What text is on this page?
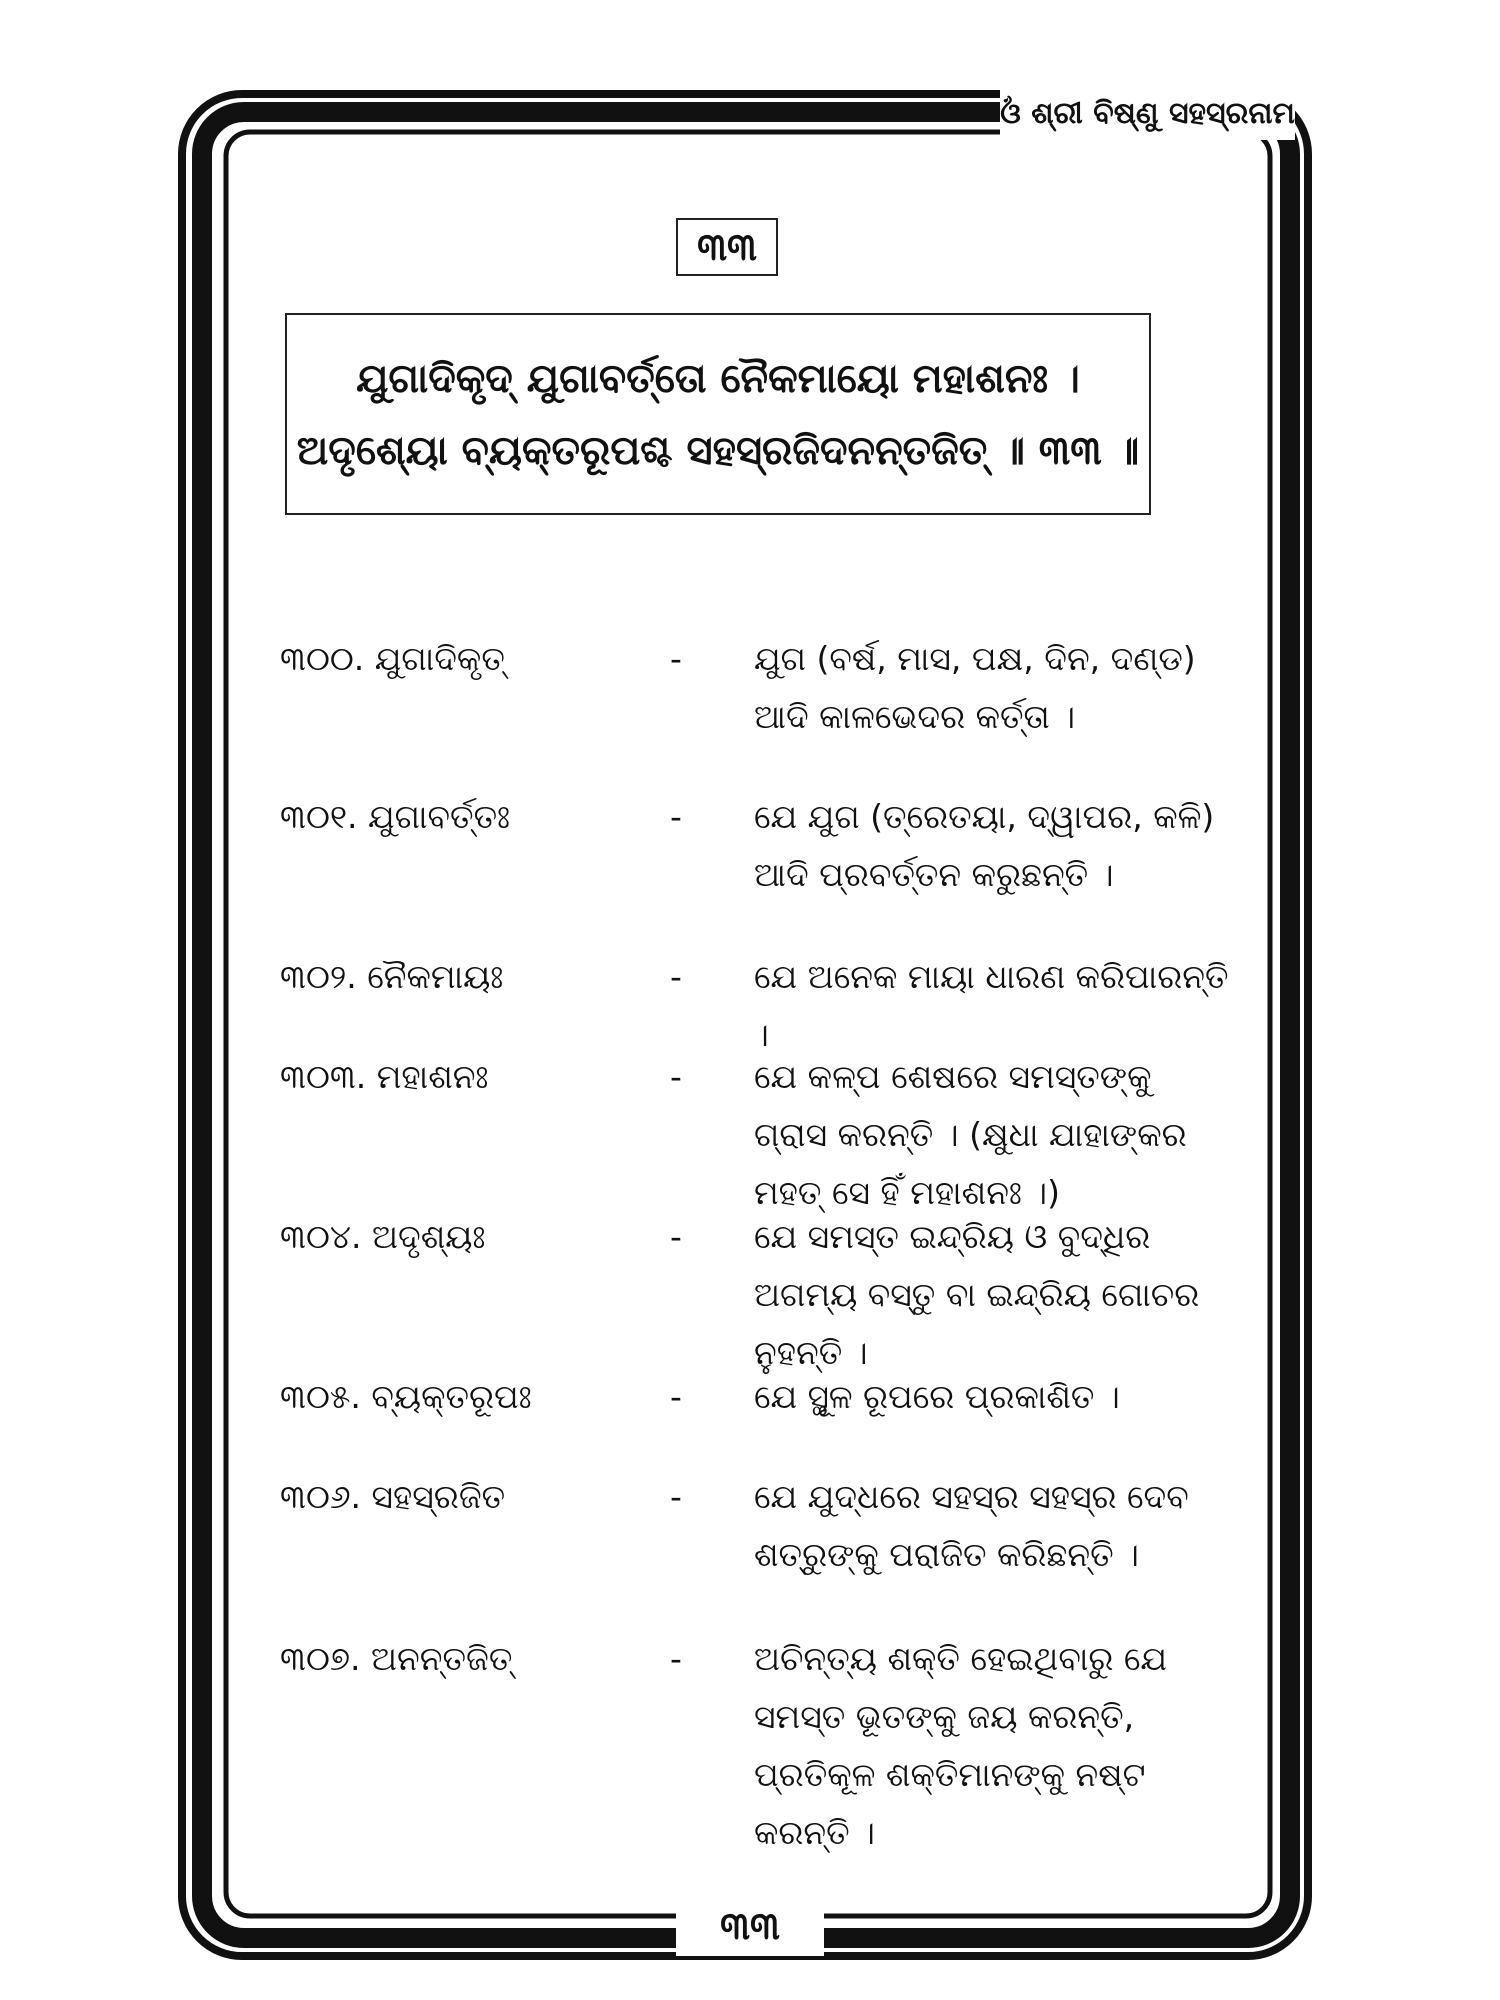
ଓଁ ଶ୍ରୀ ବିଷ୍ଣୁ ସହସ୍ରନାମ
୩୩
ଯୁଗାଦିକୃଦ୍ ଯୁଗାବର୍ତ୍ତୋ ନୈକମାୟୋ ମହାଶନଃ ।
ଅଦୃଶ୍ୟୋ ବ୍ୟକ୍ତରୂପଶ୍ଚ ସହସ୍ରଜିଦନନ୍ତଜିତ୍ ॥ ୩୩ ॥
୩୦୦. ଯୁଗାଦିକୃତ୍	- ଯୁଗ (ବର୍ଷ, ମାସ, ପକ୍ଷ, ଦିନ, ଦଣ୍ଡ) ଆଦି କାଳଭେଦର କର୍ତ୍ତା ।
୩୦୧. ଯୁଗାବର୍ତ୍ତଃ	- ଯେ ଯୁଗ (ତ୍ରେତୟା, ଦ୍ୱାପର, କଳି) ଆଦି ପ୍ରବର୍ତ୍ତନ କରୁଛନ୍ତି ।
୩୦୨. ନୈକମାୟଃ	- ଯେ ଅନେକ ମାୟା ଧାରଣ କରିପାରନ୍ତି ।
୩୦୩. ମହାଶନଃ	- ଯେ କଳ୍ପ ଶେଷରେ ସମସ୍ତଙ୍କୁ ଗ୍ରାସ କରନ୍ତି । (କ୍ଷୁଧା ଯାହାଙ୍କର ମହତ୍ ସେ ହିଁ ମହାଶନଃ ।)
୩୦୪. ଅଦୃଶ୍ୟଃ	- ଯେ ସମସ୍ତ ଇନ୍ଦ୍ରିୟ ଓ ବୁଦ୍ଧିର ଅଗମ୍ୟ ବସ୍ତୁ ବା ଇନ୍ଦ୍ରିୟ ଗୋଚର ନୁହନ୍ତି ।
୩୦୫. ବ୍ୟକ୍ତରୂପଃ	- ଯେ ସ୍ଥୂଳ ରୂପରେ ପ୍ରକାଶିତ ।
୩୦୬. ସହସ୍ରଜିତ	- ଯେ ଯୁଦ୍ଧରେ ସହସ୍ର ସହସ୍ର ଦେବ ଶତ୍ରୁଙ୍କୁ ପରାଜିତ କରିଛନ୍ତି ।
୩୦୭. ଅନନ୍ତଜିତ୍	- ଅଚିନ୍ତ୍ୟ ଶକ୍ତି ହେଇଥିବାରୁ ଯେ ସମସ୍ତ ଭୂତଙ୍କୁ ଜୟ କରନ୍ତି, ପ୍ରତିକୂଳ ଶକ୍ତିମାନଙ୍କୁ ନଷ୍ଟ କରନ୍ତି ।
୩୩
